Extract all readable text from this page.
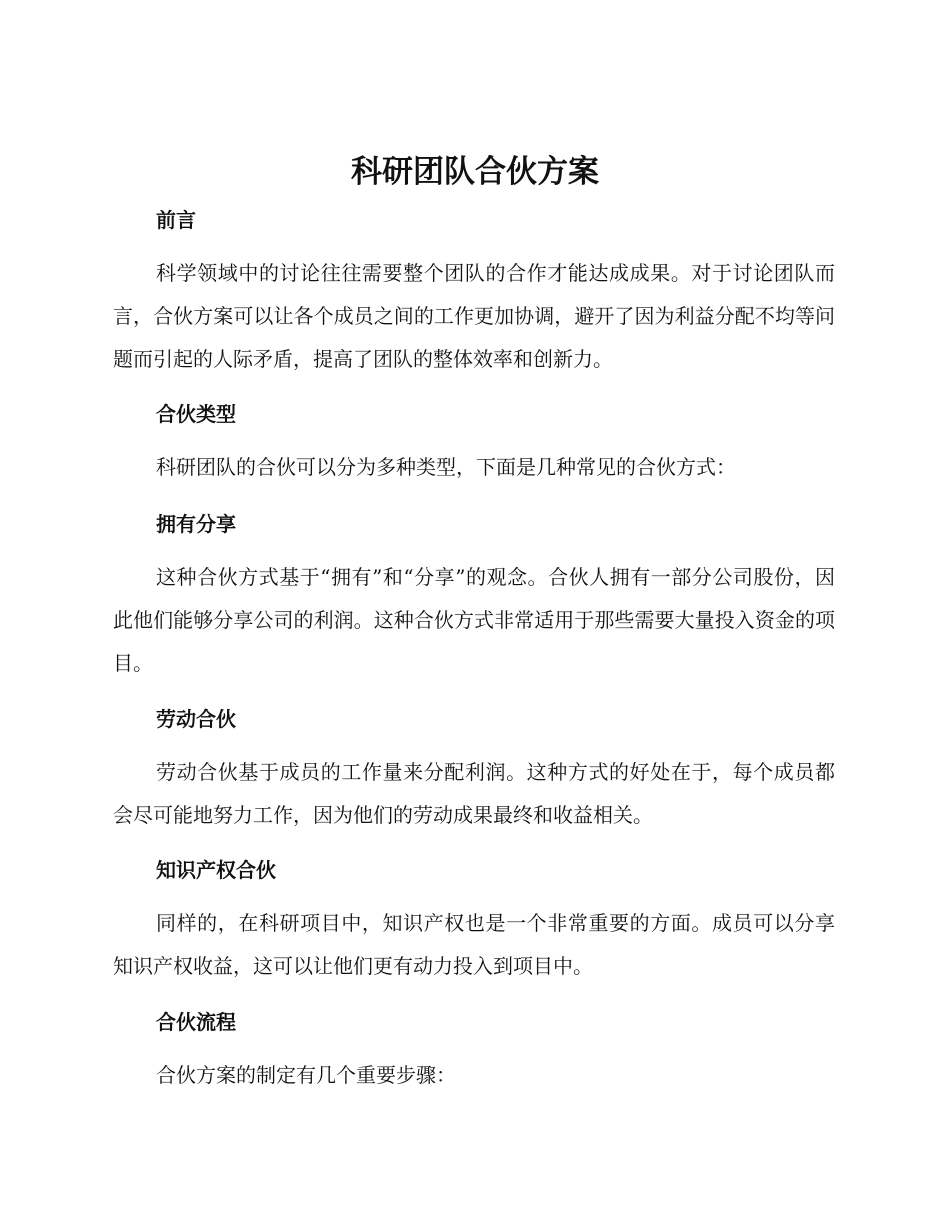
科研团队合伙方案
前言

科学领域中的讨论往往需要整个团队的合作才能达成成果。对于讨论团队而言，合伙方案可以让各个成员之间的工作更加协调，避开了因为利益分配不均等问题而引起的人际矛盾，提高了团队的整体效率和创新力。

合伙类型

科研团队的合伙可以分为多种类型，下面是几种常见的合伙方式：

拥有分享

这种合伙方式基于“拥有”和“分享”的观念。合伙人拥有一部分公司股份，因此他们能够分享公司的利润。这种合伙方式非常适用于那些需要大量投入资金的项目。

劳动合伙

劳动合伙基于成员的工作量来分配利润。这种方式的好处在于，每个成员都会尽可能地努力工作，因为他们的劳动成果最终和收益相关。

知识产权合伙

同样的，在科研项目中，知识产权也是一个非常重要的方面。成员可以分享知识产权收益，这可以让他们更有动力投入到项目中。

合伙流程

合伙方案的制定有几个重要步骤：
